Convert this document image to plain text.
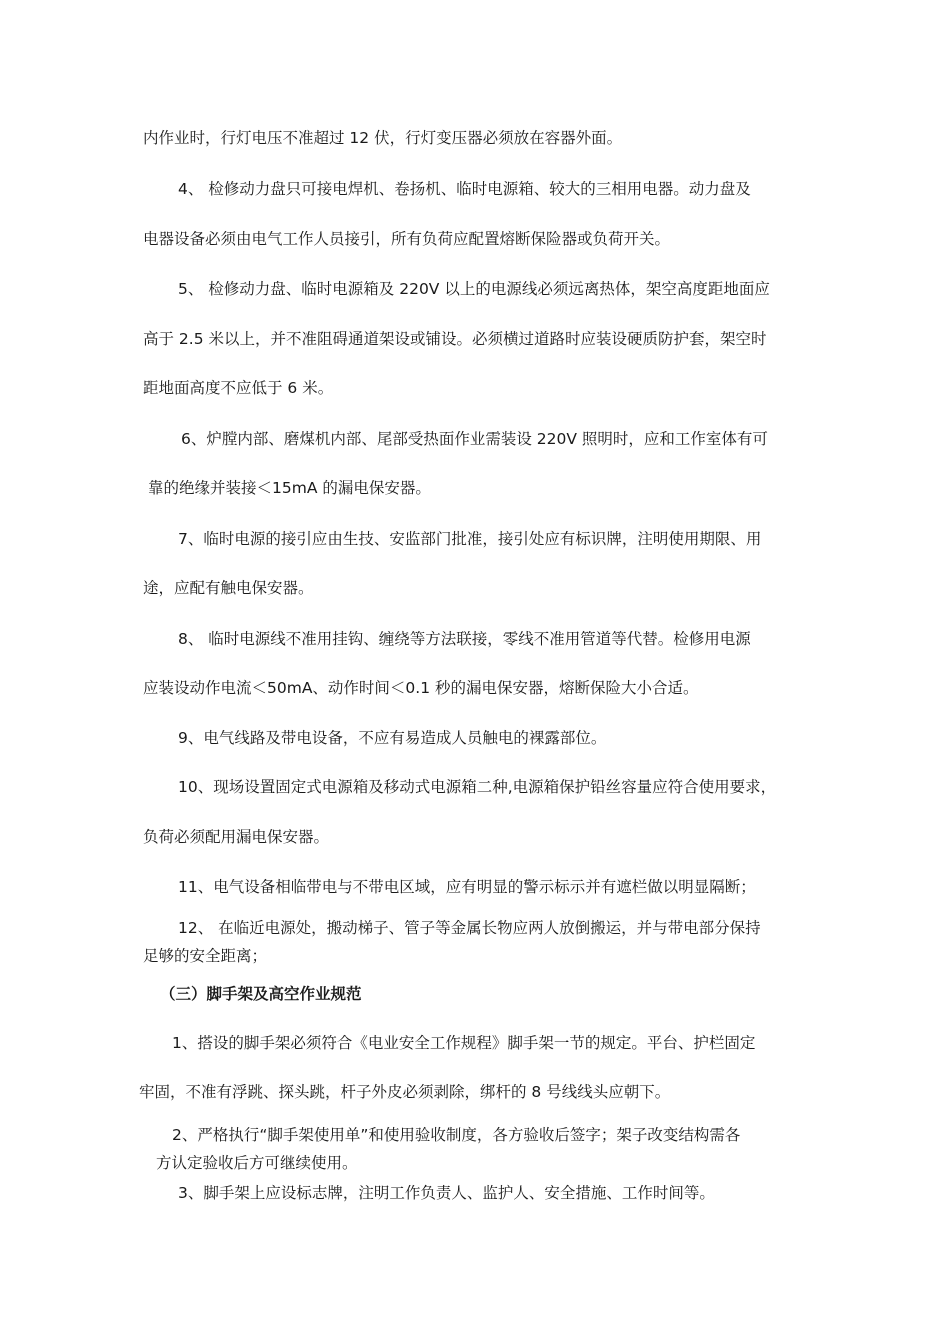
内作业时，行灯电压不准超过 12 伏，行灯变压器必须放在容器外面。
4、 检修动力盘只可接电焊机、卷扬机、临时电源箱、较大的三相用电器。动力盘及
电器设备必须由电气工作人员接引，所有负荷应配置熔断保险器或负荷开关。
5、 检修动力盘、临时电源箱及 220V 以上的电源线必须远离热体，架空高度距地面应
高于 2.5 米以上，并不准阻碍通道架设或铺设。必须横过道路时应装设硬质防护套，架空时
距地面高度不应低于 6 米。
6、炉膛内部、磨煤机内部、尾部受热面作业需装设 220V 照明时，应和工作室体有可
靠的绝缘并装接＜15mA 的漏电保安器。
7、临时电源的接引应由生技、安监部门批准，接引处应有标识牌，注明使用期限、用
途，应配有触电保安器。
8、 临时电源线不准用挂钩、缠绕等方法联接，零线不准用管道等代替。检修用电源
应装设动作电流＜50mA、动作时间＜0.1 秒的漏电保安器，熔断保险大小合适。
9、电气线路及带电设备，不应有易造成人员触电的裸露部位。
10、现场设置固定式电源箱及移动式电源箱二种,电源箱保护铅丝容量应符合使用要求，
负荷必须配用漏电保安器。
11、电气设备相临带电与不带电区域，应有明显的警示标示并有遮栏做以明显隔断；
12、 在临近电源处，搬动梯子、管子等金属长物应两人放倒搬运，并与带电部分保持
足够的安全距离；
（三）脚手架及高空作业规范
1、搭设的脚手架必须符合《电业安全工作规程》脚手架一节的规定。平台、护栏固定
牢固，不准有浮跳、探头跳，杆子外皮必须剥除，绑杆的 8 号线线头应朝下。
2、严格执行“脚手架使用单”和使用验收制度，各方验收后签字；架子改变结构需各
方认定验收后方可继续使用。
3、脚手架上应设标志牌，注明工作负责人、监护人、安全措施、工作时间等。
